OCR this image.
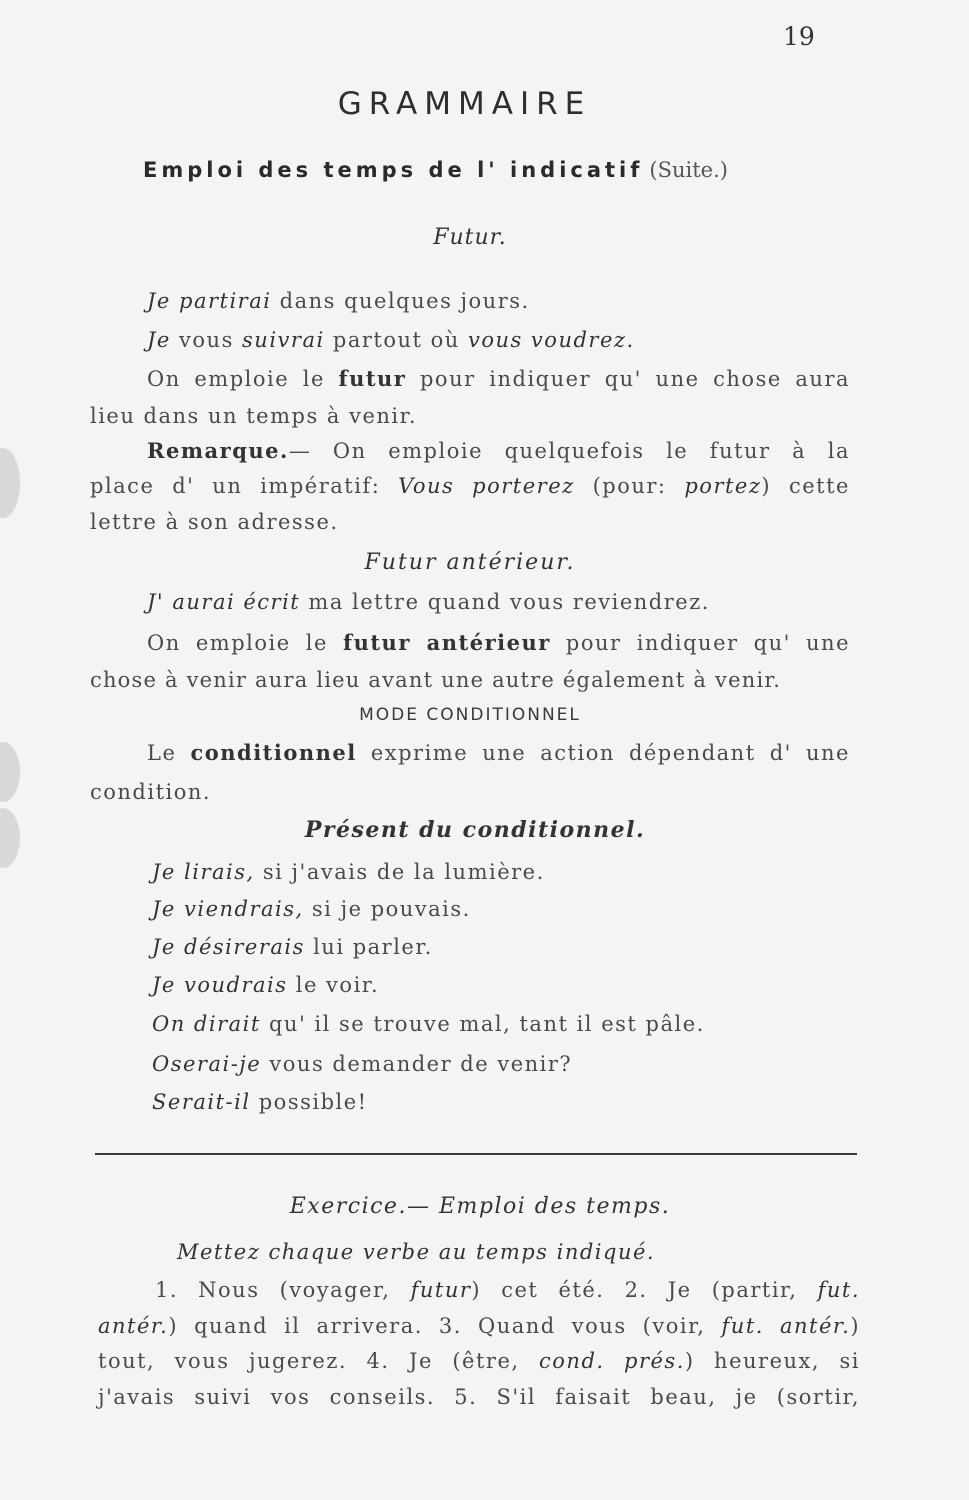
19
GRAMMAIRE
Emploi des temps de l' indicatif (Suite.)
Futur.
Je partirai dans quelques jours.
Je vous suivrai partout où vous voudrez.
On emploie le futur pour indiquer qu' une chose aura
lieu dans un temps à venir.
Remarque.— On emploie quelquefois le futur à la
place d' un impératif: Vous porterez (pour: portez) cette
lettre à son adresse.
Futur antérieur.
J' aurai écrit ma lettre quand vous reviendrez.
On emploie le futur antérieur pour indiquer qu' une
chose à venir aura lieu avant une autre également à venir.
MODE CONDITIONNEL
Le conditionnel exprime une action dépendant d' une
condition.
Présent du conditionnel.
Je lirais, si j'avais de la lumière.
Je viendrais, si je pouvais.
Je désirerais lui parler.
Je voudrais le voir.
On dirait qu' il se trouve mal, tant il est pâle.
Oserai-je vous demander de venir?
Serait-il possible!
Exercice.— Emploi des temps.
Mettez chaque verbe au temps indiqué.
1. Nous (voyager, futur) cet été. 2. Je (partir, fut.
antér.) quand il arrivera. 3. Quand vous (voir, fut. antér.)
tout, vous jugerez. 4. Je (être, cond. prés.) heureux, si
j'avais suivi vos conseils. 5. S'il faisait beau, je (sortir,
